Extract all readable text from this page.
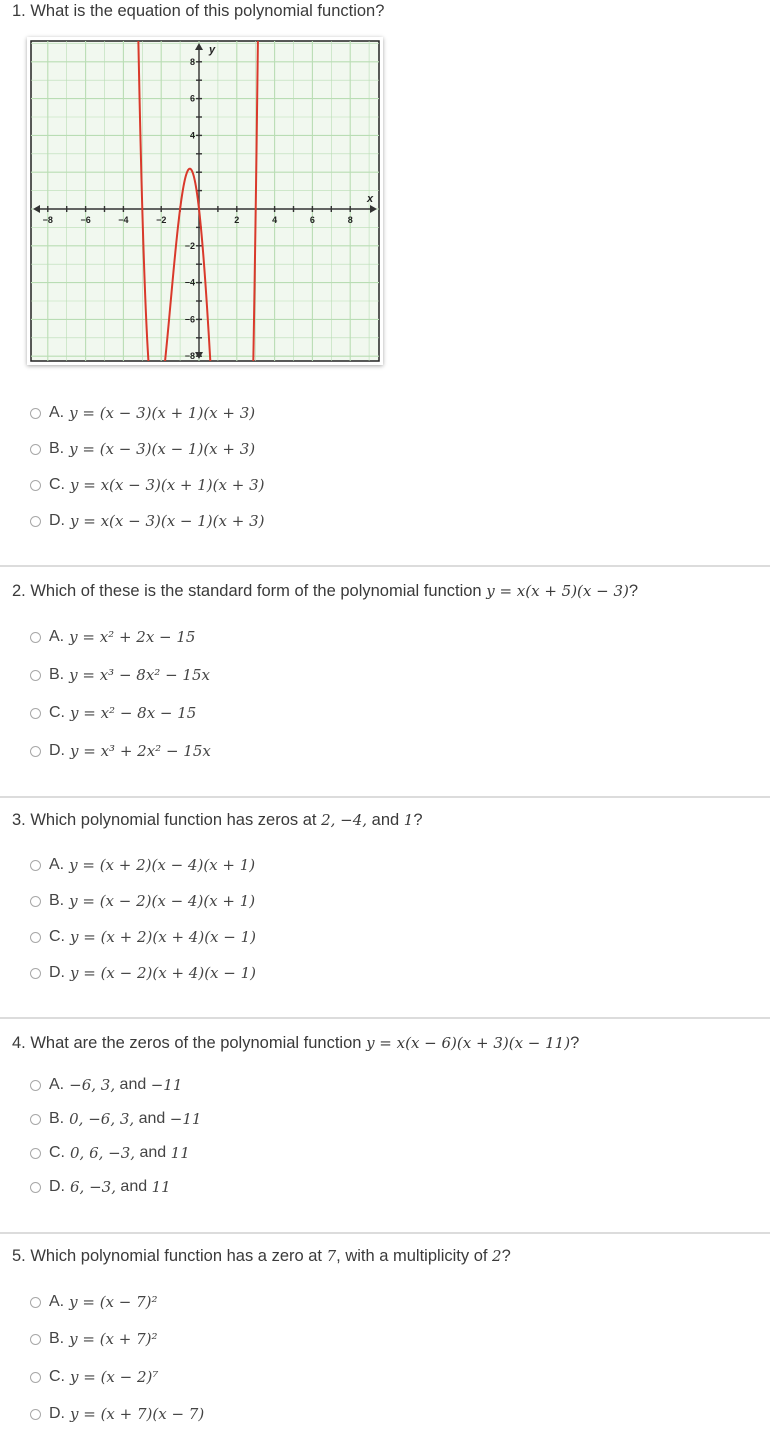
1. What is the equation of this polynomial function?
−8	−6	−4	−2	2	4	6	8
8
6
4
−2
−4
−6
−8
x
y
A. y = (x − 3)(x + 1)(x + 3)
B. y = (x − 3)(x − 1)(x + 3)
C. y = x(x − 3)(x + 1)(x + 3)
D. y = x(x − 3)(x − 1)(x + 3)
2. Which of these is the standard form of the polynomial function y = x(x + 5)(x − 3)?
A. y = x² + 2x − 15
B. y = x³ − 8x² − 15x
C. y = x² − 8x − 15
D. y = x³ + 2x² − 15x
3. Which polynomial function has zeros at 2, −4, and 1?
A. y = (x + 2)(x − 4)(x + 1)
B. y = (x − 2)(x − 4)(x + 1)
C. y = (x + 2)(x + 4)(x − 1)
D. y = (x − 2)(x + 4)(x − 1)
4. What are the zeros of the polynomial function y = x(x − 6)(x + 3)(x − 11)?
A. −6, 3,
and
−11
B. 0, −6, 3,
and
−11
C. 0, 6, −3,
and
11
D. 6, −3,
and
11
5. Which polynomial function has a zero at 7, with a multiplicity of 2?
A. y = (x − 7)²
B. y = (x + 7)²
C. y = (x − 2)⁷
D. y = (x + 7)(x − 7)
